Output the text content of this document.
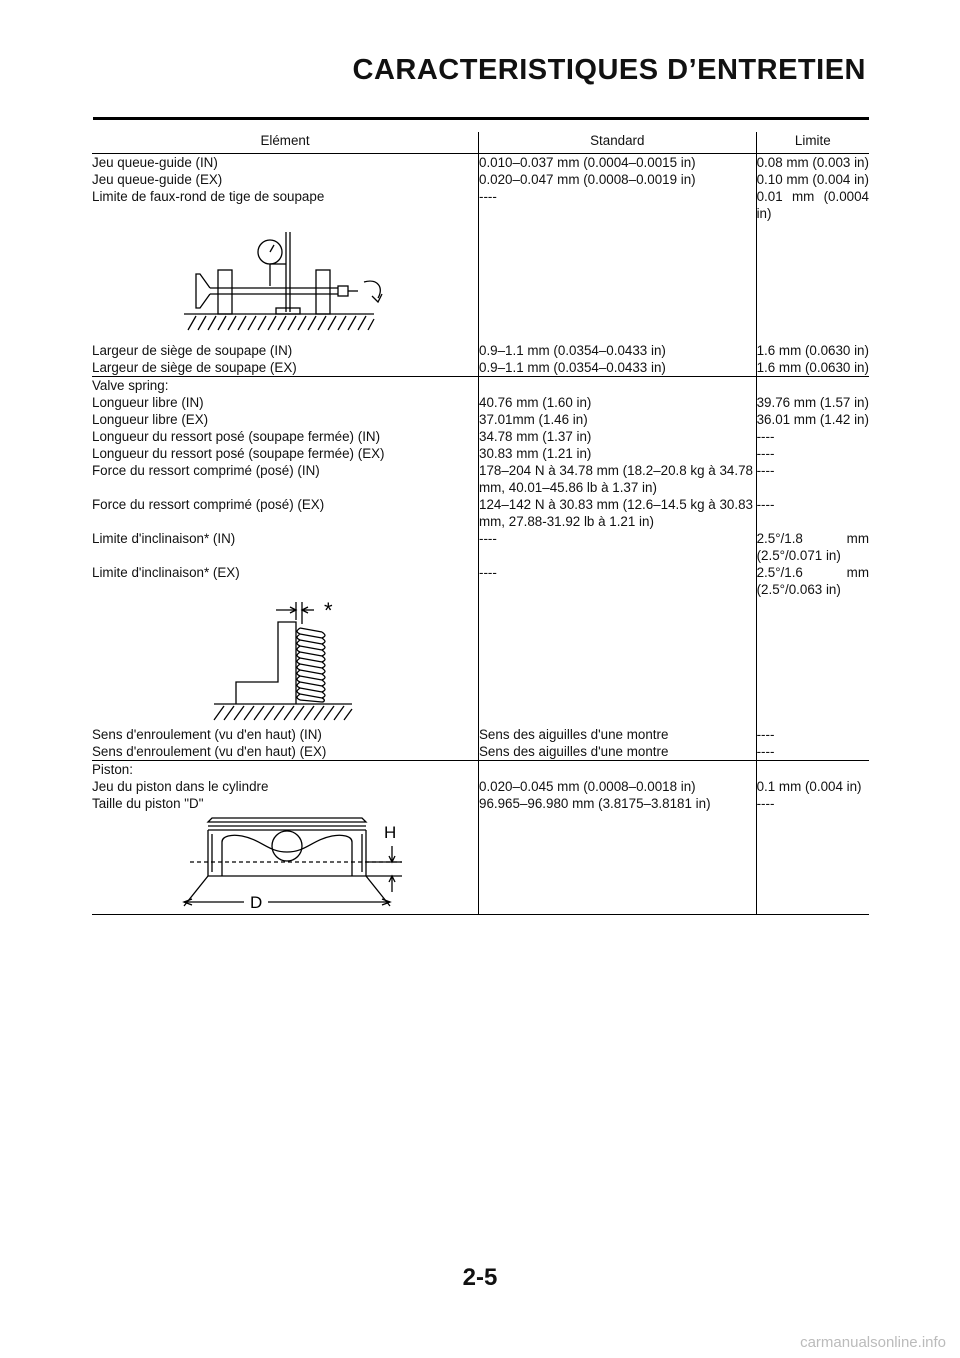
CARACTERISTIQUES D’ENTRETIEN
Elément	Standard	Limite
Jeu queue-guide (IN)	0.010–0.037 mm (0.0004–0.0015 in)	0.08 mm (0.003 in)
Jeu queue-guide (EX)	0.020–0.047 mm (0.0008–0.0019 in)	0.10 mm (0.004 in)
Limite de faux-rond de tige de soupape	----	0.01 mm (0.0004 in)

Largeur de siège de soupape (IN)	0.9–1.1 mm (0.0354–0.0433 in)	1.6 mm (0.0630 in)
Largeur de siège de soupape (EX)	0.9–1.1 mm (0.0354–0.0433 in)	1.6 mm (0.0630 in)
Valve spring:		
Longueur libre (IN)	40.76 mm (1.60 in)	39.76 mm (1.57 in)
Longueur libre (EX)	37.01mm (1.46 in)	36.01 mm (1.42 in)
Longueur du ressort posé (soupape fermée) (IN)	34.78 mm (1.37 in)	----
Longueur du ressort posé (soupape fermée) (EX)	30.83 mm (1.21 in)	----
Force du ressort comprimé (posé) (IN)	178–204 N à 34.78 mm (18.2–20.8 kg à 34.78 mm, 40.01–45.86 lb à 1.37 in)	----
Force du ressort comprimé (posé) (EX)	124–142 N à 30.83 mm (12.6–14.5 kg à 30.83 mm, 27.88-31.92 lb à 1.21 in)	----
Limite d'inclinaison* (IN)	----	2.5°/1.8 mm (2.5°/0.071 in)
Limite d'inclinaison* (EX)	----	2.5°/1.6 mm (2.5°/0.063 in)

*		

Sens d'enroulement (vu d'en haut) (IN)	Sens des aiguilles d'une montre	----
Sens d'enroulement (vu d'en haut) (EX)	Sens des aiguilles d'une montre	----
Piston:		
Jeu du piston dans le cylindre	0.020–0.045 mm (0.0008–0.0018 in)	0.1 mm (0.004 in)
Taille du piston "D"	96.965–96.980 mm (3.8175–3.8181 in)	----

H
D		

2-5
carmanualsonline.info
